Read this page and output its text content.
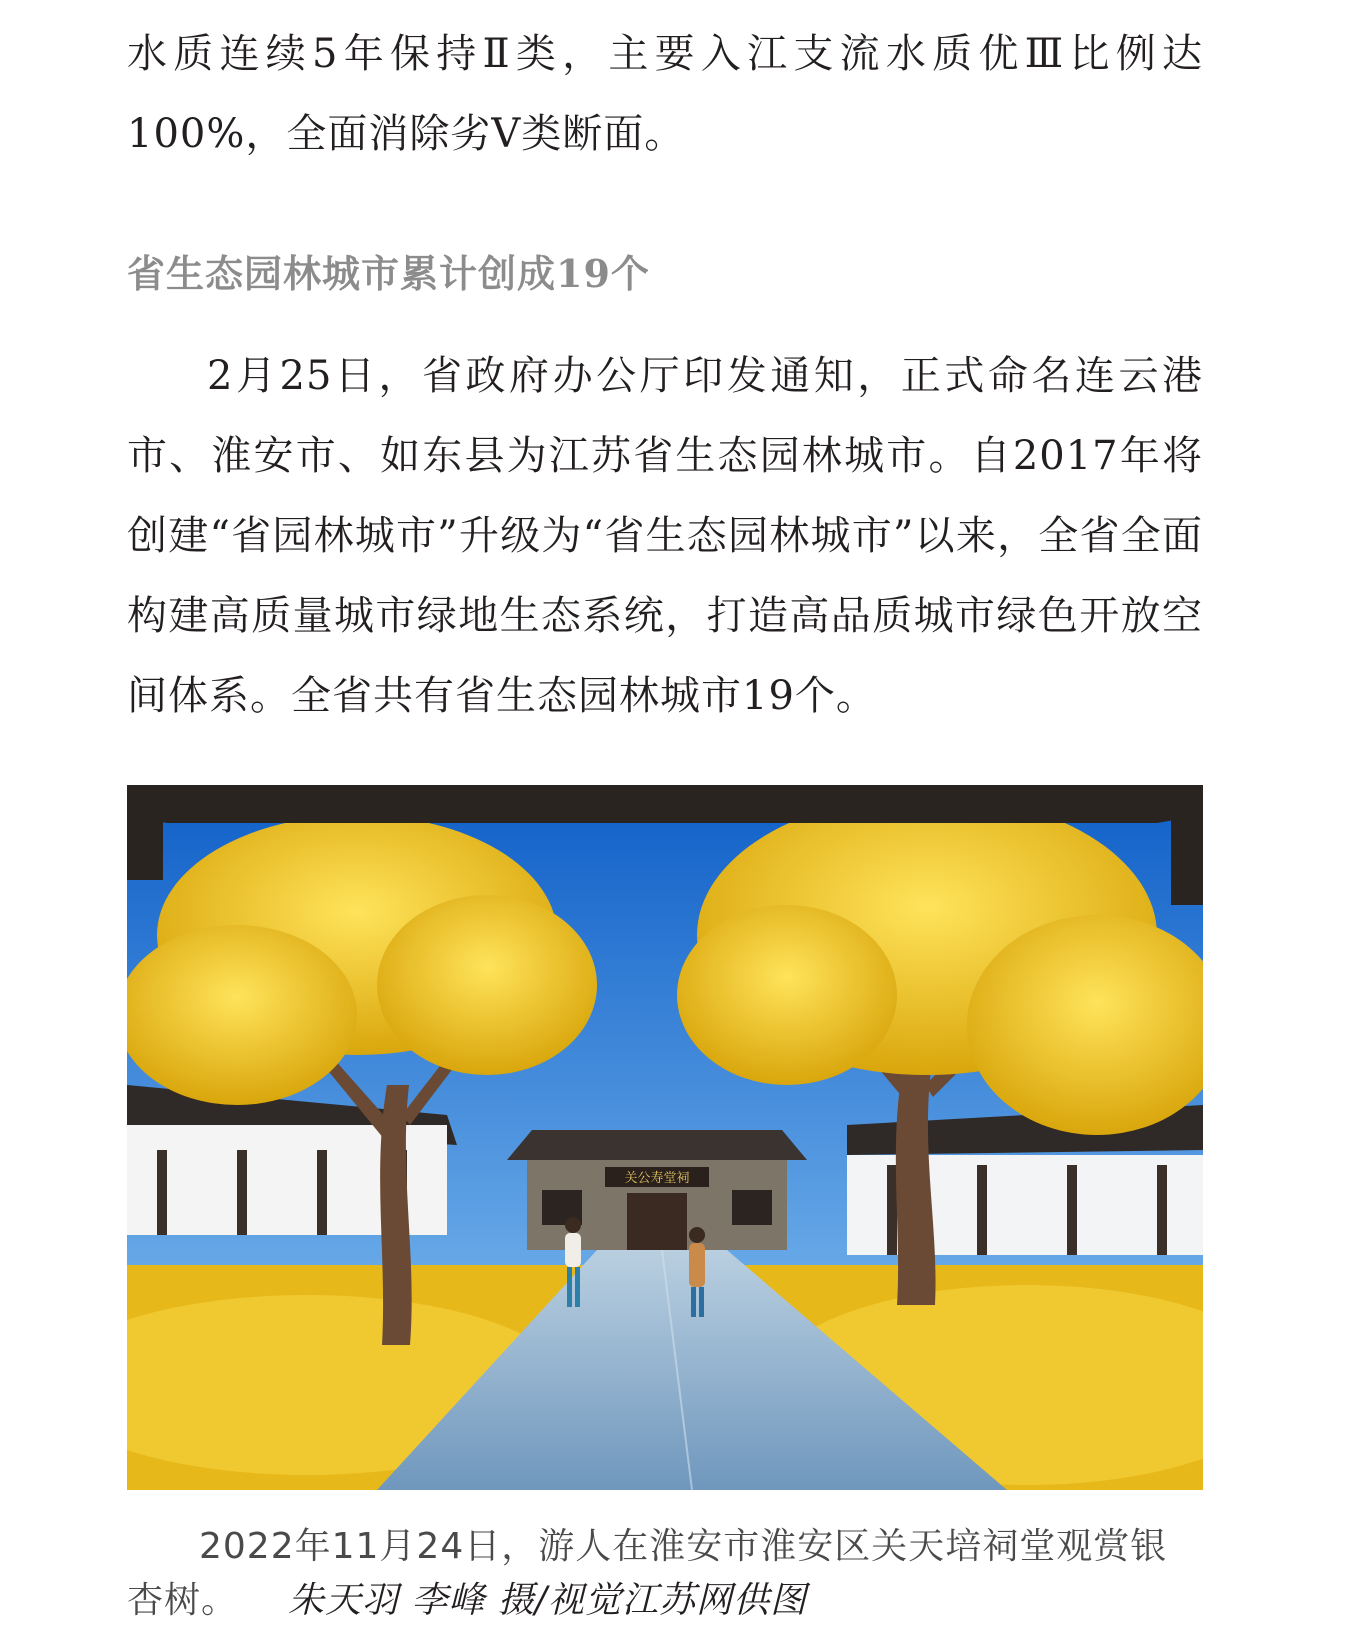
水质连续5年保持Ⅱ类，主要入江支流水质优Ⅲ比例达100%，全面消除劣Ⅴ类断面。

省生态园林城市累计创成19个

2月25日，省政府办公厅印发通知，正式命名连云港市、淮安市、如东县为江苏省生态园林城市。自2017年将创建“省园林城市”升级为“省生态园林城市”以来，全省全面构建高质量城市绿地生态系统，打造高品质城市绿色开放空间体系。全省共有省生态园林城市19个。

关公寿堂祠

2022年11月24日，游人在淮安市淮安区关天培祠堂观赏银杏树。 朱天羽 李峰 摄/视觉江苏网供图
